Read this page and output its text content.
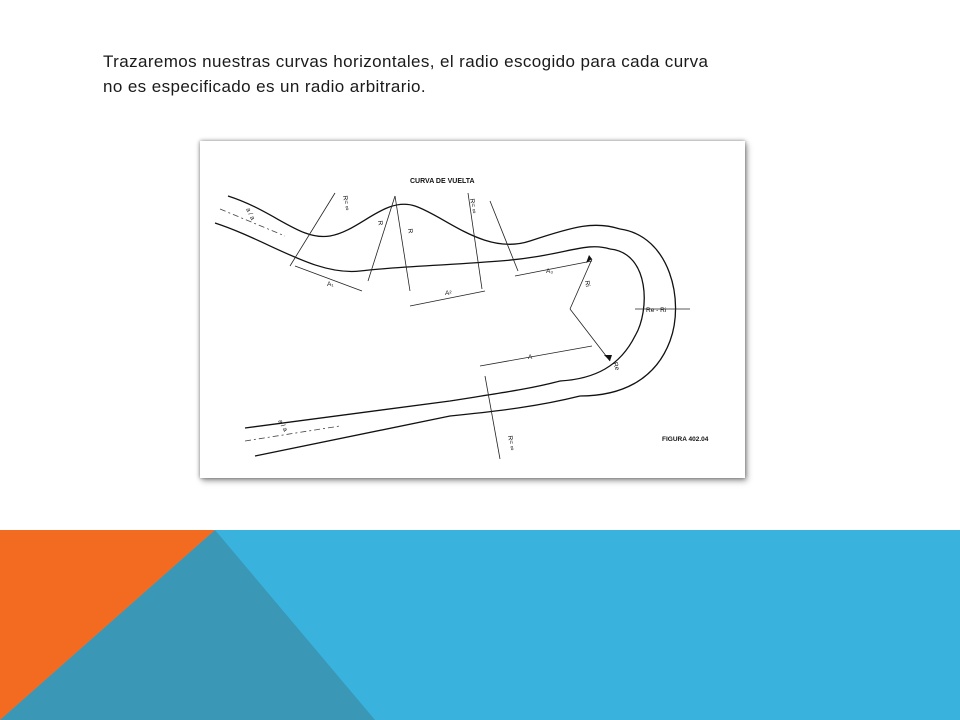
Trazaremos nuestras curvas horizontales, el radio escogido para cada curva

no es especificado es un radio arbitrario.

CURVA DE VUELTA
R= ∞
R
R
R= ∞
A₁
A²
A₃
Ri
Re - Ri
Re
A
R= ∞
a / a
a / a
FIGURA 402.04
